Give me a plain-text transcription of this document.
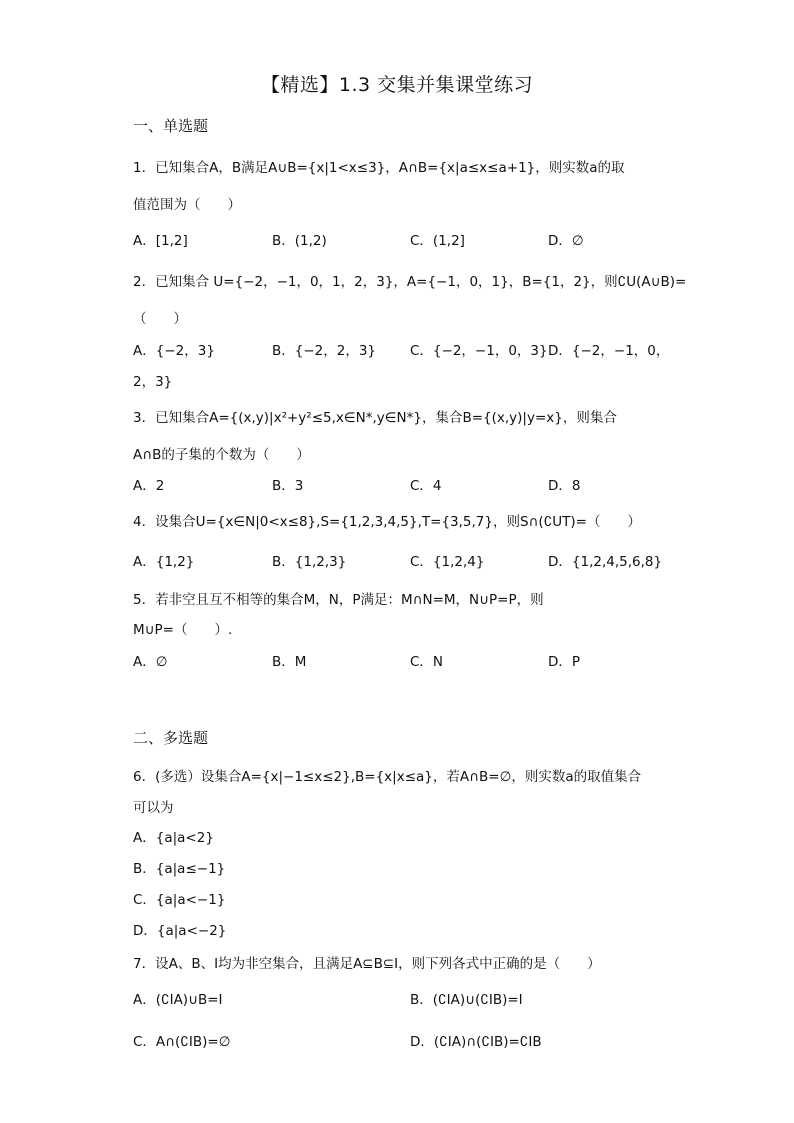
【精选】1.3 交集并集课堂练习
一、单选题
1．已知集合A，B满足A∪B={x|1<x≤3}，A∩B={x|a≤x≤a+1}，则实数a的取
值范围为（　　）
A．[1,2]	B．(1,2)	C．(1,2]	D．∅
2．已知集合 U={−2，−1，0，1，2，3}，A={−1，0，1}，B={1，2}，则∁U(A∪B)=
（　　）
A．{−2，3}	B．{−2，2，3}	C．{−2，−1，0，3} D．{−2，−1，0，
2，3}
3．已知集合A={(x,y)|x²+y²≤5,x∈N*,y∈N*}，集合B={(x,y)|y=x}，则集合
A∩B的子集的个数为（　　）
A．2	B．3	C．4	D．8
4．设集合U={x∈N|0<x≤8},S={1,2,3,4,5},T={3,5,7}，则S∩(∁UT)=（　　）
A．{1,2}	B．{1,2,3}	C．{1,2,4}	D．{1,2,4,5,6,8}
5．若非空且互不相等的集合M，N，P满足：M∩N=M，N∪P=P，则
M∪P=（　　）.
A．∅	B．M	C．N	D．P
二、多选题
6．(多选）设集合A={x|−1≤x≤2},B={x|x≤a}，若A∩B=∅，则实数a的取值集合
可以为
A．{a|a<2}
B．{a|a≤−1}
C．{a|a<−1}
D．{a|a<−2}
7．设A、B、I均为非空集合，且满足A⊆B⊆I，则下列各式中正确的是（　　）
A．(∁IA)∪B=I	B．(∁IA)∪(∁IB)=I
C．A∩(∁IB)=∅	D．(∁IA)∩(∁IB)=∁IB
